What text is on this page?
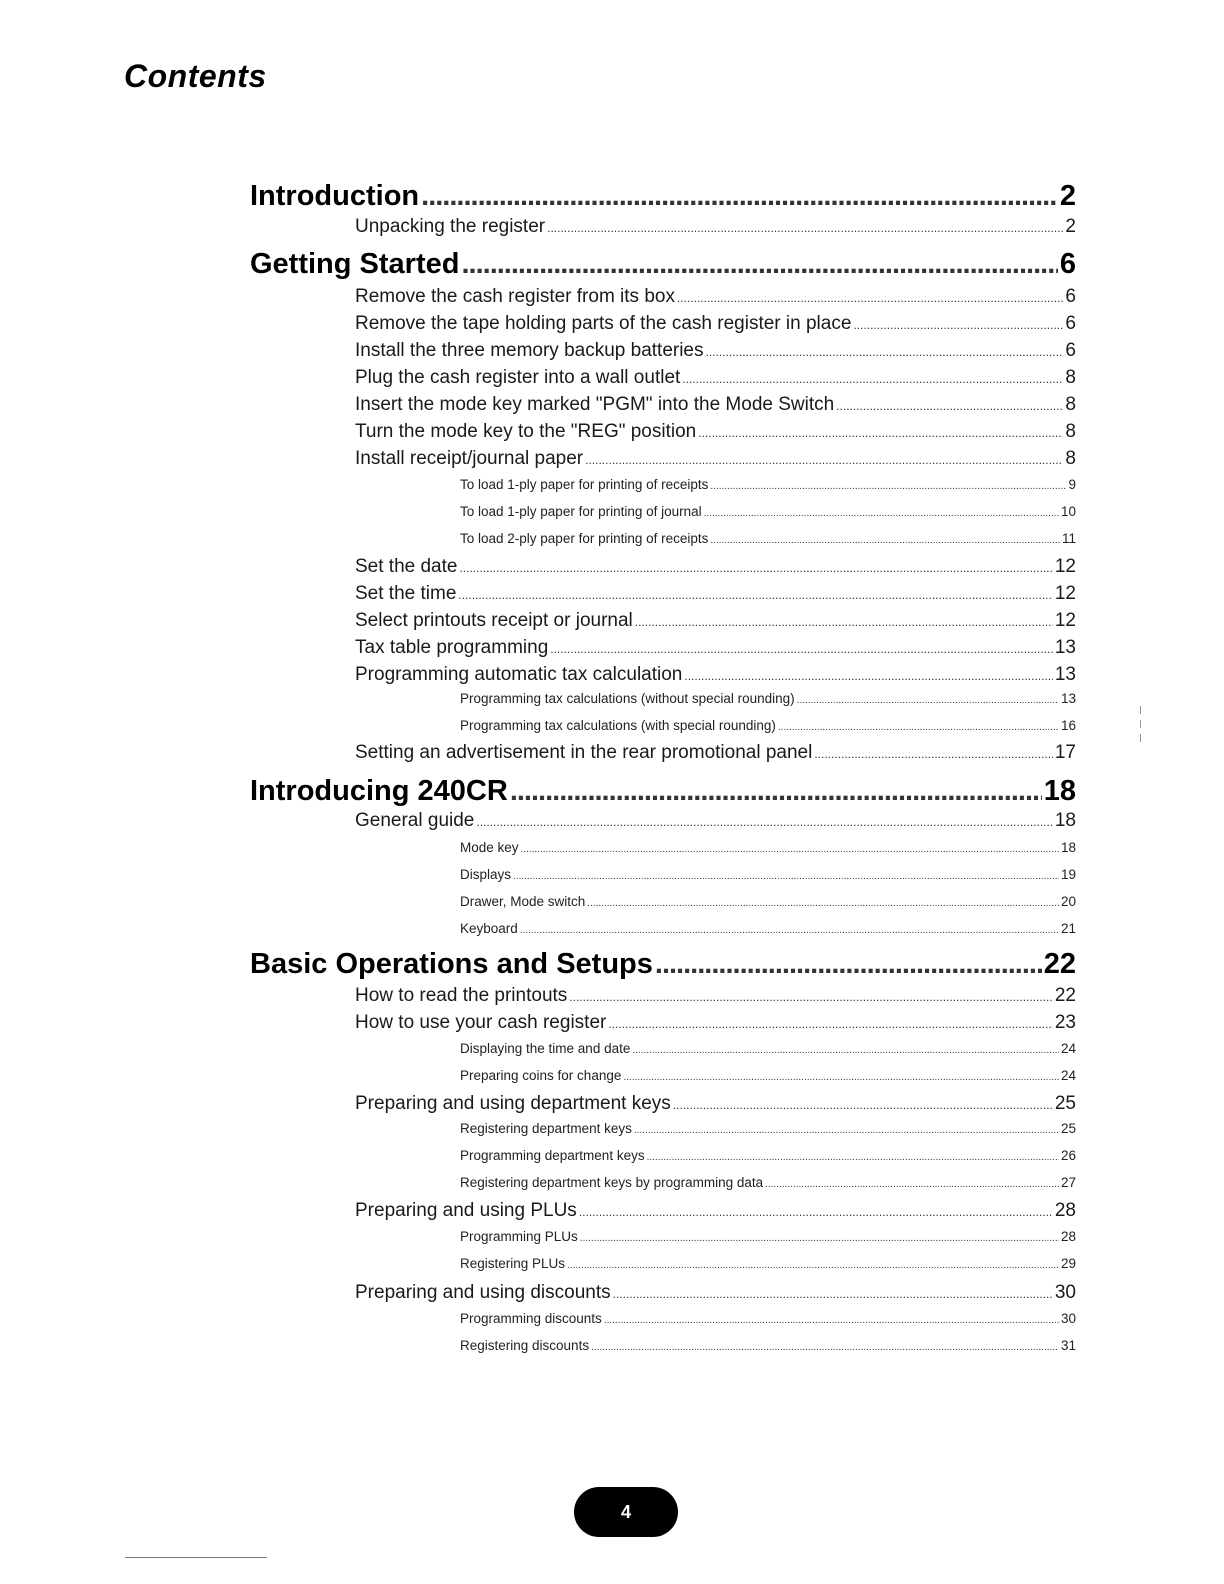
Contents
Introduction .....	2
Unpacking the register .....	2
Getting Started .....	6
Remove the cash register from its box .....	6
Remove the tape holding parts of the cash register in place .....	6
Install the three memory backup batteries .....	6
Plug the cash register into a wall outlet .....	8
Insert the mode key marked "PGM" into the Mode Switch .....	8
Turn the mode key to the "REG" position .....	8
Install receipt/journal paper .....	8
To load 1-ply paper for printing of receipts .....	9
To load 1-ply paper for printing of journal .....	10
To load 2-ply paper for printing of receipts .....	11
Set the date .....	12
Set the time .....	12
Select printouts receipt or journal .....	12
Tax table programming .....	13
Programming automatic tax calculation .....	13
Programming tax calculations (without special rounding) .....	13
Programming tax calculations (with special rounding) .....	16
Setting an advertisement in the rear promotional panel .....	17
Introducing 240CR .....	18
General guide .....	18
Mode key .....	18
Displays .....	19
Drawer, Mode switch .....	20
Keyboard .....	21
Basic Operations and Setups .....	22
How to read the printouts .....	22
How to use your cash register .....	23
Displaying the time and date .....	24
Preparing coins for change .....	24
Preparing and using department keys .....	25
Registering department keys .....	25
Programming department keys .....	26
Registering department keys by programming data .....	27
Preparing and using PLUs .....	28
Programming PLUs .....	28
Registering PLUs .....	29
Preparing and using discounts .....	30
Programming discounts .....	30
Registering discounts .....	31
4
